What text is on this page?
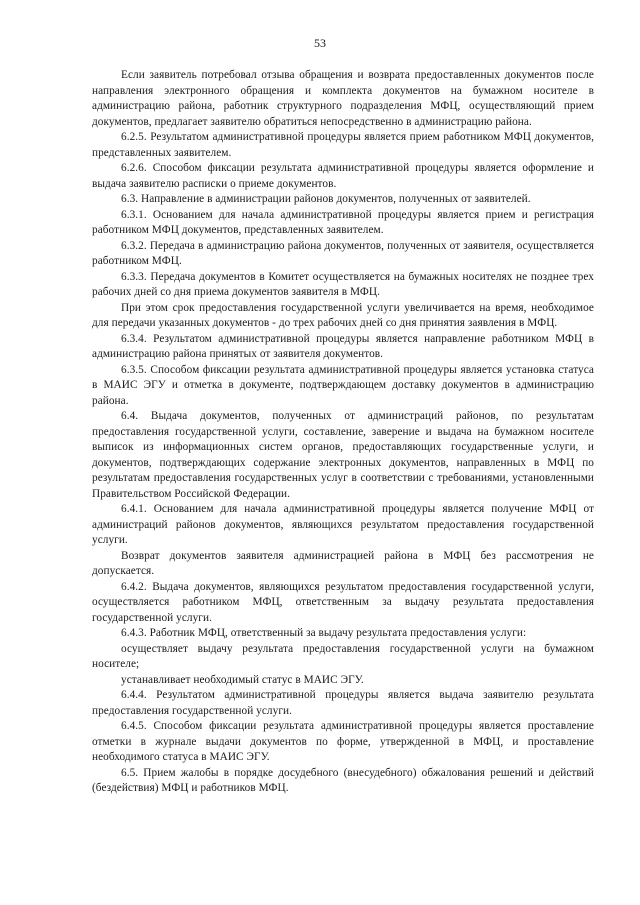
53

Если заявитель потребовал отзыва обращения и возврата предоставленных документов после направления электронного обращения и комплекта документов на бумажном носителе в администрацию района, работник структурного подразделения МФЦ, осуществляющий прием документов, предлагает заявителю обратиться непосредственно в администрацию района.

6.2.5. Результатом административной процедуры является прием работником МФЦ документов, представленных заявителем.

6.2.6. Способом фиксации результата административной процедуры является оформление и выдача заявителю расписки о приеме документов.

6.3. Направление в администрации районов документов, полученных от заявителей.

6.3.1. Основанием для начала административной процедуры является прием и регистрация работником МФЦ документов, представленных заявителем.

6.3.2. Передача в администрацию района документов, полученных от заявителя, осуществляется работником МФЦ.

6.3.3. Передача документов в Комитет осуществляется на бумажных носителях не позднее трех рабочих дней со дня приема документов заявителя в МФЦ.

При этом срок предоставления государственной услуги увеличивается на время, необходимое для передачи указанных документов - до трех рабочих дней со дня принятия заявления в МФЦ.

6.3.4. Результатом административной процедуры является направление работником МФЦ в администрацию района принятых от заявителя документов.

6.3.5. Способом фиксации результата административной процедуры является установка статуса в МАИС ЭГУ и отметка в документе, подтверждающем доставку документов в администрацию района.

6.4. Выдача документов, полученных от администраций районов, по результатам предоставления государственной услуги, составление, заверение и выдача на бумажном носителе выписок из информационных систем органов, предоставляющих государственные услуги, и документов, подтверждающих содержание электронных документов, направленных в МФЦ по результатам предоставления государственных услуг в соответствии с требованиями, установленными Правительством Российской Федерации.

6.4.1. Основанием для начала административной процедуры является получение МФЦ от администраций районов документов, являющихся результатом предоставления государственной услуги.

Возврат документов заявителя администрацией района в МФЦ без рассмотрения не допускается.

6.4.2. Выдача документов, являющихся результатом предоставления государственной услуги, осуществляется работником МФЦ, ответственным за выдачу результата предоставления государственной услуги.

6.4.3. Работник МФЦ, ответственный за выдачу результата предоставления услуги:

осуществляет выдачу результата предоставления государственной услуги на бумажном носителе;

устанавливает необходимый статус в МАИС ЭГУ.

6.4.4. Результатом административной процедуры является выдача заявителю результата предоставления государственной услуги.

6.4.5. Способом фиксации результата административной процедуры является проставление отметки в журнале выдачи документов по форме, утвержденной в МФЦ, и проставление необходимого статуса в МАИС ЭГУ.

6.5. Прием жалобы в порядке досудебного (внесудебного) обжалования решений и действий (бездействия) МФЦ и работников МФЦ.
